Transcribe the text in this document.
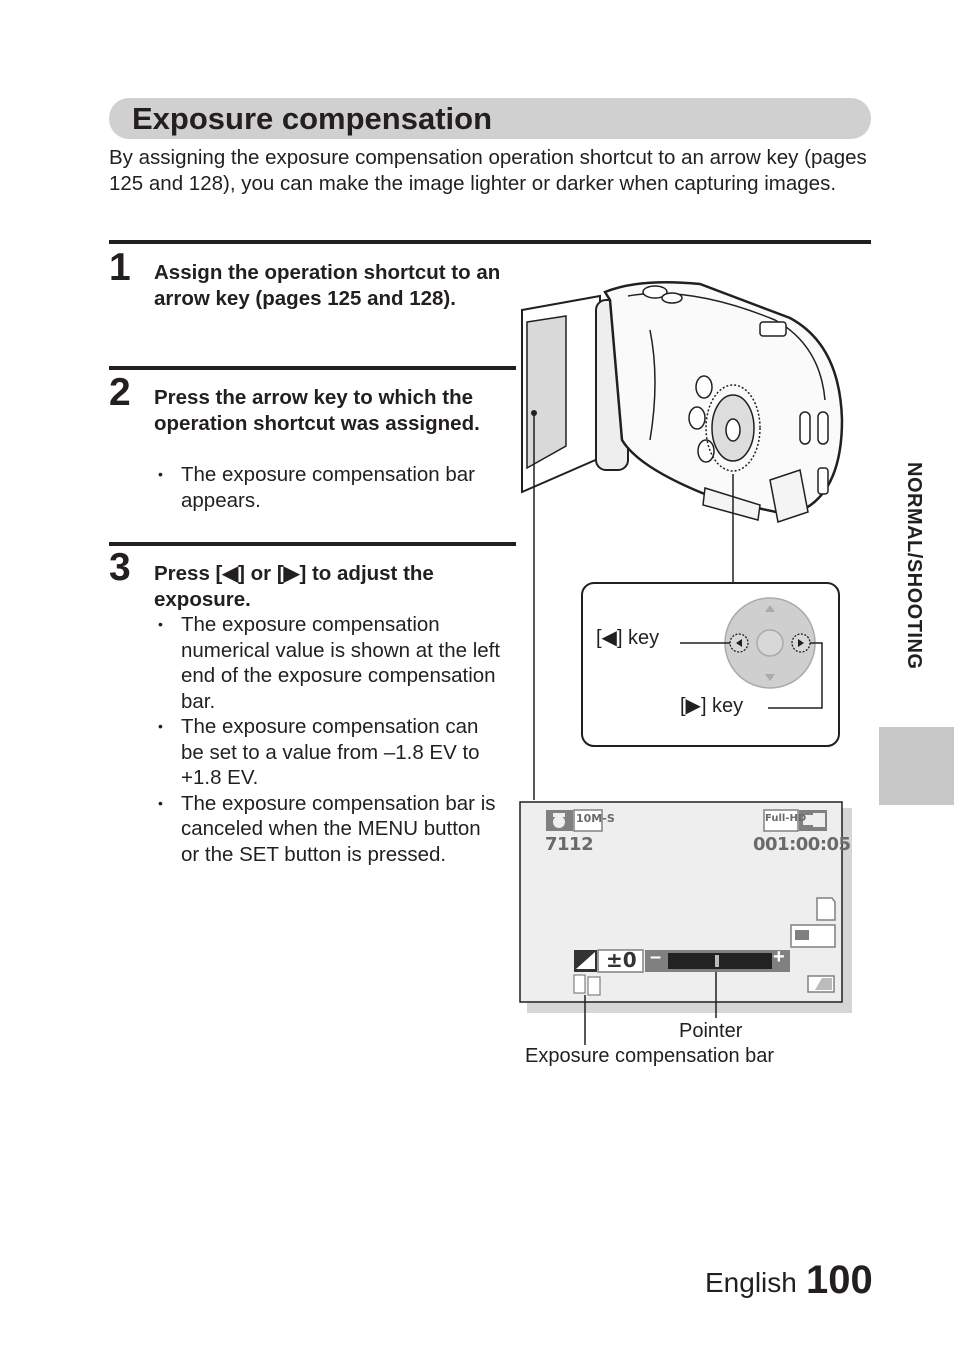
Exposure compensation
By assigning the exposure compensation operation shortcut to an arrow key (pages 125 and 128), you can make the image lighter or darker when capturing images.
1 Assign the operation shortcut to an arrow key (pages 125 and 128).
2 Press the arrow key to which the operation shortcut was assigned.
• The exposure compensation bar appears.
3 Press [◀] or [▶] to adjust the exposure.
• The exposure compensation numerical value is shown at the left end of the exposure compensation bar.
• The exposure compensation can be set to a value from –1.8 EV to +1.8 EV.
• The exposure compensation bar is canceled when the MENU button or the SET button is pressed.
NORMAL/SHOOTING
[◀] key
[▶] key
7112	001:00:05
10M-S	Full-HD
±0 –	+
Pointer
Exposure compensation bar
English 100
